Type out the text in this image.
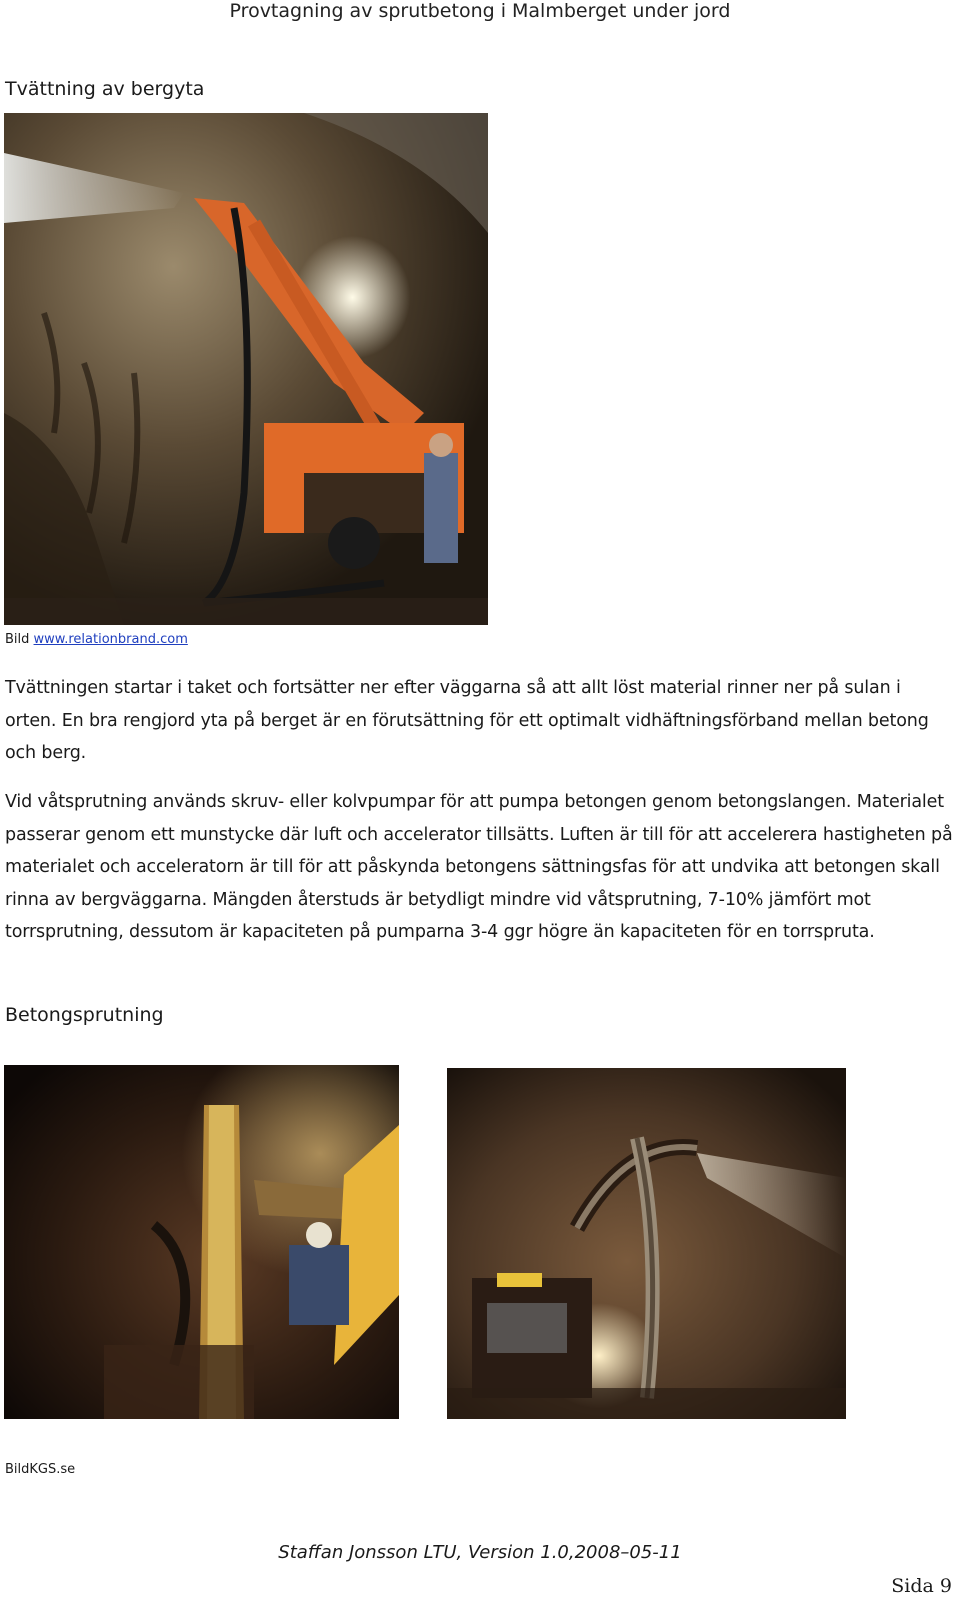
Provtagning av sprutbetong i Malmberget under jord
Tvättning av bergyta
Bild www.relationbrand.com
Tvättningen startar i taket och fortsätter ner efter väggarna så att allt löst material rinner ner på sulan i orten. En bra rengjord yta på berget är en förutsättning för ett optimalt vidhäftningsförband mellan betong och berg.
Vid våtsprutning används skruv- eller kolvpumpar för att pumpa betongen genom betongslangen. Materialet passerar genom ett munstycke där luft och accelerator tillsätts. Luften är till för att accelerera hastigheten på materialet och acceleratorn är till för att påskynda betongens sättningsfas för att undvika att betongen skall rinna av bergväggarna. Mängden återstuds är betydligt mindre vid våtsprutning, 7-10% jämfört mot torrsprutning, dessutom är kapaciteten på pumparna 3-4 ggr högre än kapaciteten för en torrspruta.
Betongsprutning
BildKGS.se
Staffan Jonsson LTU, Version 1.0,2008–05-11
Sida 9
